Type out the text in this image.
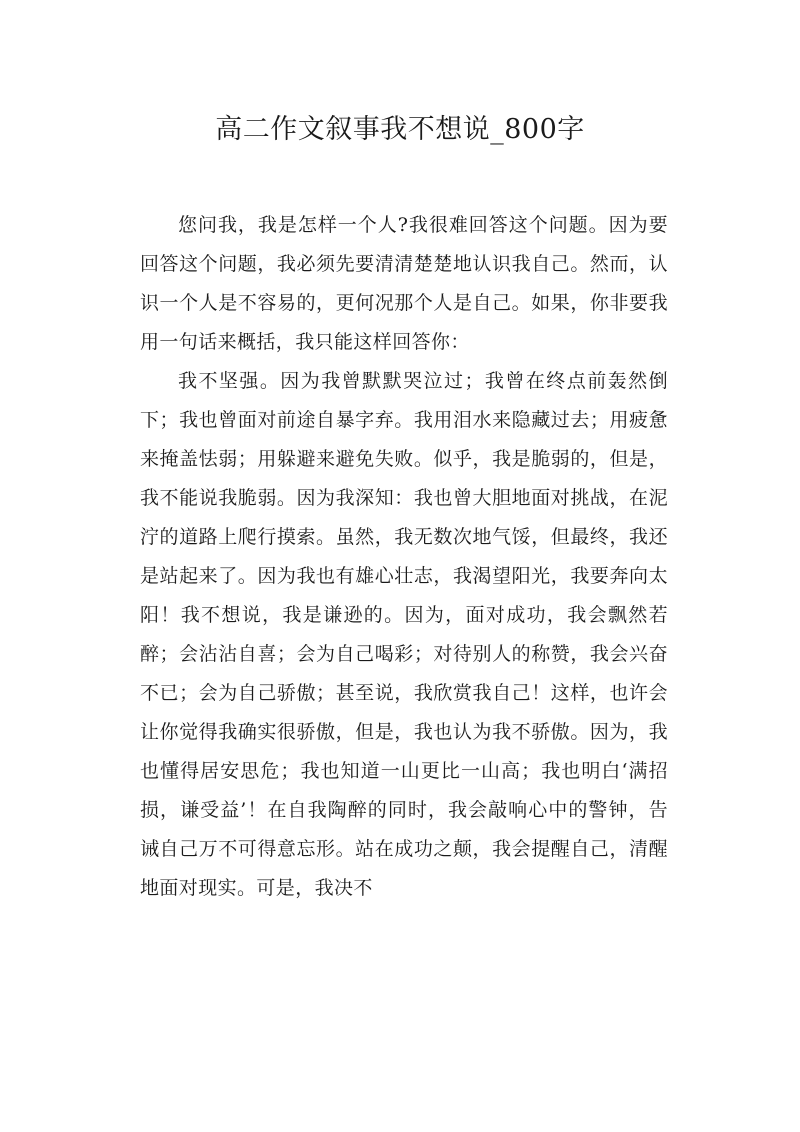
高二作文叙事我不想说_800字

您问我，我是怎样一个人?我很难回答这个问题。因为要回答这个问题，我必须先要清清楚楚地认识我自己。然而，认识一个人是不容易的，更何况那个人是自己。如果，你非要我用一句话来概括，我只能这样回答你：

我不坚强。因为我曾默默哭泣过；我曾在终点前轰然倒下；我也曾面对前途自暴字弃。我用泪水来隐藏过去；用疲惫来掩盖怯弱；用躲避来避免失败。似乎，我是脆弱的，但是，我不能说我脆弱。因为我深知：我也曾大胆地面对挑战，在泥泞的道路上爬行摸索。虽然，我无数次地气馁，但最终，我还是站起来了。因为我也有雄心壮志，我渴望阳光，我要奔向太阳！我不想说，我是谦逊的。因为，面对成功，我会飘然若醉；会沾沾自喜；会为自己喝彩；对待别人的称赞，我会兴奋不已；会为自己骄傲；甚至说，我欣赏我自己！这样，也许会让你觉得我确实很骄傲，但是，我也认为我不骄傲。因为，我也懂得居安思危；我也知道一山更比一山高；我也明白‘满招损，谦受益’！在自我陶醉的同时，我会敲响心中的警钟，告诫自己万不可得意忘形。站在成功之颠，我会提醒自己，清醒地面对现实。可是，我决不
